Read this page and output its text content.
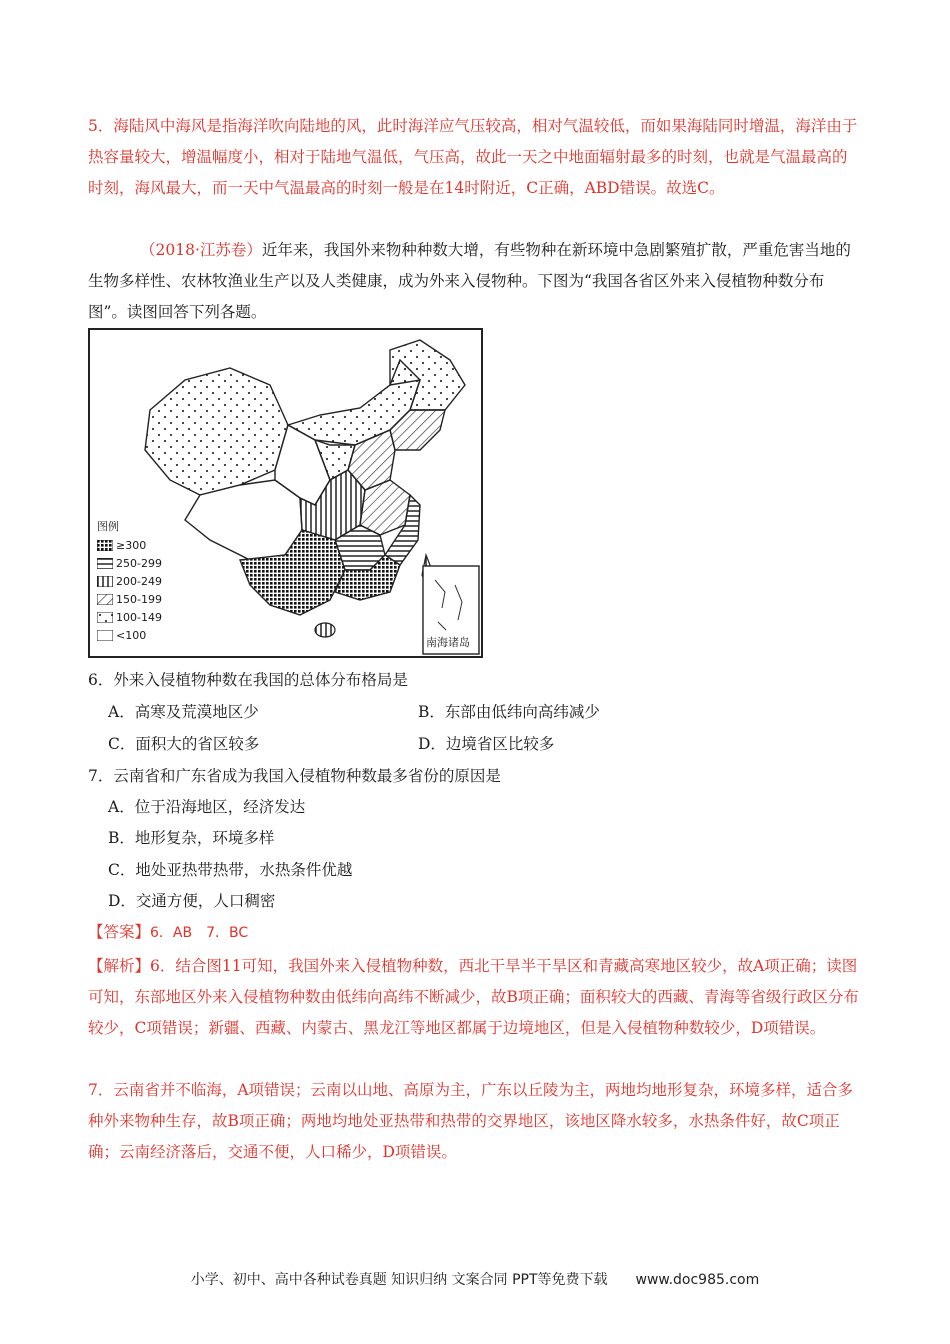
5．海陆风中海风是指海洋吹向陆地的风，此时海洋应气压较高，相对气温较低，而如果海陆同时增温，海洋由于热容量较大，增温幅度小，相对于陆地气温低，气压高，故此一天之中地面辐射最多的时刻，也就是气温最高的时刻，海风最大，而一天中气温最高的时刻一般是在14时附近，C正确，ABD错误。故选C。
（2018·江苏卷）近年来，我国外来物种种数大增，有些物种在新环境中急剧繁殖扩散，严重危害当地的生物多样性、农林牧渔业生产以及人类健康，成为外来入侵物种。下图为“我国各省区外来入侵植物种数分布图”。读图回答下列各题。
南海诸岛
图例
≥300
250-299
200-249
150-199
100-149
<100
6．外来入侵植物种数在我国的总体分布格局是
A．高寒及荒漠地区少	B．东部由低纬向高纬减少
C．面积大的省区较多	D．边境省区比较多
7．云南省和广东省成为我国入侵植物种数最多省份的原因是
A．位于沿海地区，经济发达
B．地形复杂，环境多样
C．地处亚热带热带，水热条件优越
D．交通方便，人口稠密
【答案】6．AB　7．BC
【解析】6．结合图11可知，我国外来入侵植物种数，西北干旱半干旱区和青藏高寒地区较少，故A项正确；读图可知，东部地区外来入侵植物种数由低纬向高纬不断减少，故B项正确；面积较大的西藏、青海等省级行政区分布较少，C项错误；新疆、西藏、内蒙古、黑龙江等地区都属于边境地区，但是入侵植物种数较少，D项错误。
7．云南省并不临海，A项错误；云南以山地、高原为主，广东以丘陵为主，两地均地形复杂，环境多样，适合多种外来物种生存，故B项正确；两地均地处亚热带和热带的交界地区，该地区降水较多，水热条件好，故C项正确；云南经济落后，交通不便，人口稀少，D项错误。
小学、初中、高中各种试卷真题 知识归纳 文案合同 PPT等免费下载　　www.doc985.com
